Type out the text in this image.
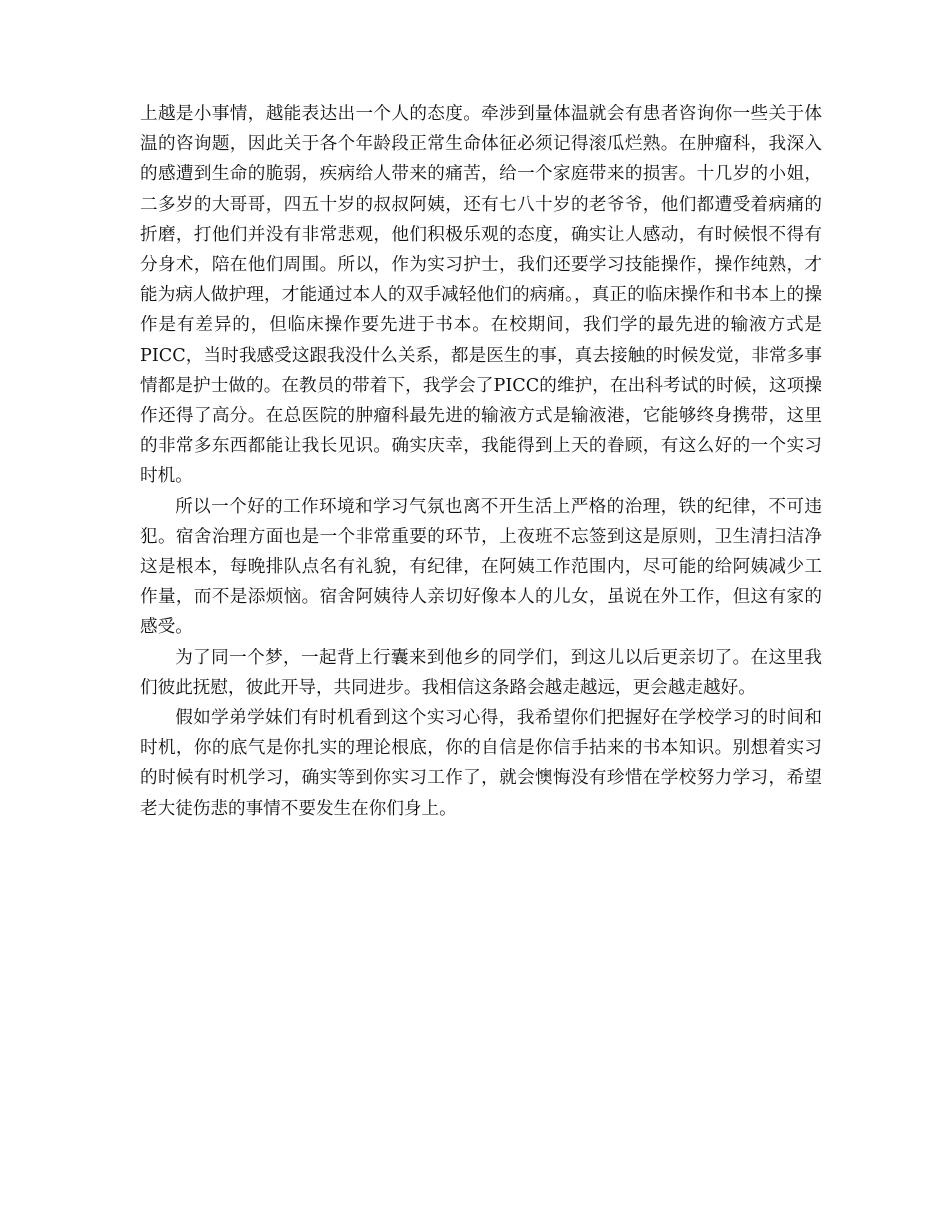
上越是小事情，越能表达出一个人的态度。牵涉到量体温就会有患者咨询你一些关于体温的咨询题，因此关于各个年龄段正常生命体征必须记得滚瓜烂熟。在肿瘤科，我深入的感遭到生命的脆弱，疾病给人带来的痛苦，给一个家庭带来的损害。十几岁的小姐，二多岁的大哥哥，四五十岁的叔叔阿姨，还有七八十岁的老爷爷，他们都遭受着病痛的折磨，打他们并没有非常悲观，他们积极乐观的态度，确实让人感动，有时候恨不得有分身术，陪在他们周围。所以，作为实习护士，我们还要学习技能操作，操作纯熟，才能为病人做护理，才能通过本人的双手减轻他们的病痛。，真正的临床操作和书本上的操作是有差异的，但临床操作要先进于书本。在校期间，我们学的最先进的输液方式是PICC，当时我感受这跟我没什么关系，都是医生的事，真去接触的时候发觉，非常多事情都是护士做的。在教员的带着下，我学会了PICC的维护，在出科考试的时候，这项操作还得了高分。在总医院的肿瘤科最先进的输液方式是输液港，它能够终身携带，这里的非常多东西都能让我长见识。确实庆幸，我能得到上天的眷顾，有这么好的一个实习时机。

所以一个好的工作环境和学习气氛也离不开生活上严格的治理，铁的纪律，不可违犯。宿舍治理方面也是一个非常重要的环节，上夜班不忘签到这是原则，卫生清扫洁净这是根本，每晚排队点名有礼貌，有纪律，在阿姨工作范围内，尽可能的给阿姨减少工作量，而不是添烦恼。宿舍阿姨待人亲切好像本人的儿女，虽说在外工作，但这有家的感受。

为了同一个梦，一起背上行囊来到他乡的同学们，到这儿以后更亲切了。在这里我们彼此抚慰，彼此开导，共同进步。我相信这条路会越走越远，更会越走越好。

假如学弟学妹们有时机看到这个实习心得，我希望你们把握好在学校学习的时间和时机，你的底气是你扎实的理论根底，你的自信是你信手拈来的书本知识。别想着实习的时候有时机学习，确实等到你实习工作了，就会懊悔没有珍惜在学校努力学习，希望老大徒伤悲的事情不要发生在你们身上。
